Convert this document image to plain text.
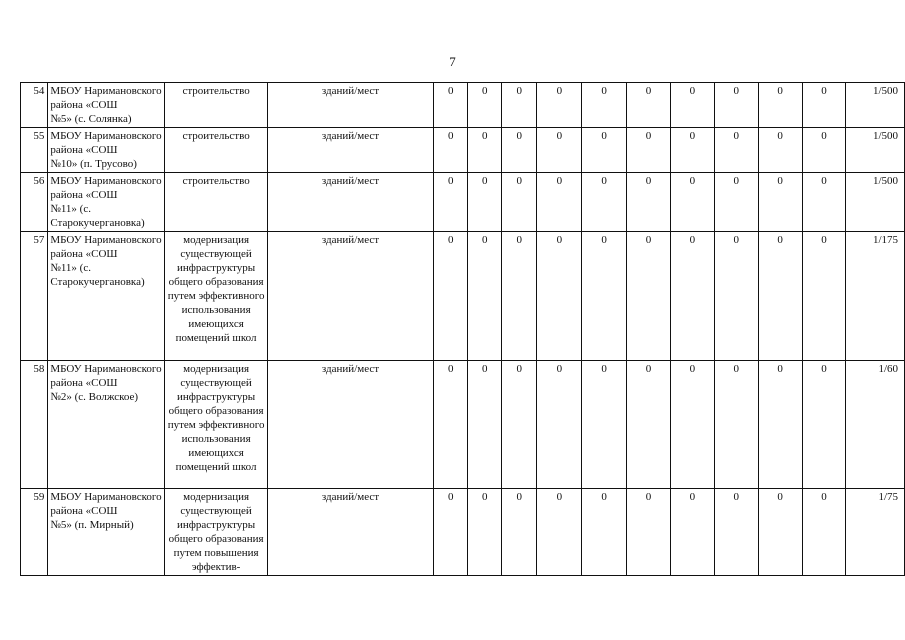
7
54	МБОУ Наримановского района «СОШ
№5» (с. Солянка)	строительство	зданий/мест	0	0	0	0	0	0	0	0	0	0	1/500
55	МБОУ Наримановского района «СОШ
№10» (п. Трусово)	строительство	зданий/мест	0	0	0	0	0	0	0	0	0	0	1/500
56	МБОУ Наримановского района «СОШ
№11» (с. Старокучергановка)	строительство	зданий/мест	0	0	0	0	0	0	0	0	0	0	1/500
57	МБОУ Наримановского района «СОШ
№11» (с. Старокучергановка)	модернизация существующей инфраструктуры общего образования путем эффективного использования имеющихся помещений школ	зданий/мест	0	0	0	0	0	0	0	0	0	0	1/175
58	МБОУ Наримановского района «СОШ
№2» (с. Волжское)	модернизация существующей инфраструктуры общего образования путем эффективного использования имеющихся помещений школ	зданий/мест	0	0	0	0	0	0	0	0	0	0	1/60
59	МБОУ Наримановского района «СОШ
№5» (п. Мирный)	модернизация существующей инфраструктуры общего образования путем повышения эффектив-	зданий/мест	0	0	0	0	0	0	0	0	0	0	1/75
